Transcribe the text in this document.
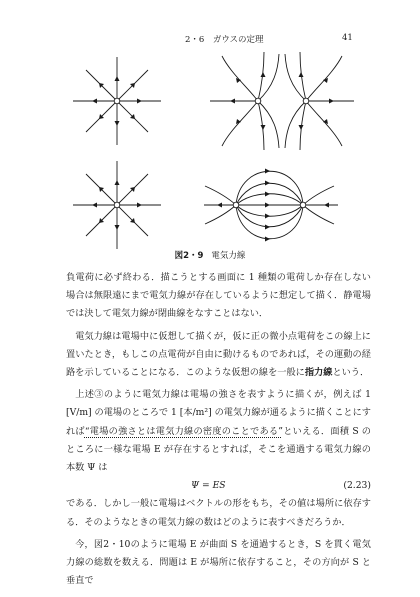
2・6　ガウスの定理	41
図2・9 電気力線

負電荷に必ず終わる．描こうとする画面に 1 種類の電荷しか存在しない場合は無限遠にまで電気力線が存在しているように想定して描く．静電場では決して電気力線が閉曲線をなすことはない．

電気力線は電場中に仮想して描くが，仮に正の微小点電荷をこの線上に置いたとき，もしこの点電荷が自由に動けるものであれば，その運動の経路を示していることになる．このような仮想の線を一般に指力線という．

上述③のように電気力線は電場の強さを表すように描くが，例えば 1 [V/m] の電場のところで 1 [本/m²] の電気力線が通るように描くことにすれば“電場の強さとは電気力線の密度のことである”といえる．面積 S のところに一様な電場 E が存在するとすれば，そこを通過する電気力線の本数 Ψ は

Ψ = ES	(2.23)

である．しかし一般に電場はベクトルの形をもち，その値は場所に依存する．そのようなときの電気力線の数はどのように表すべきだろうか．

今，図2・10のように電場 E が曲面 S を通過するとき，S を貫く電気力線の総数を数える．問題は E が場所に依存すること，その方向が S と垂直で
